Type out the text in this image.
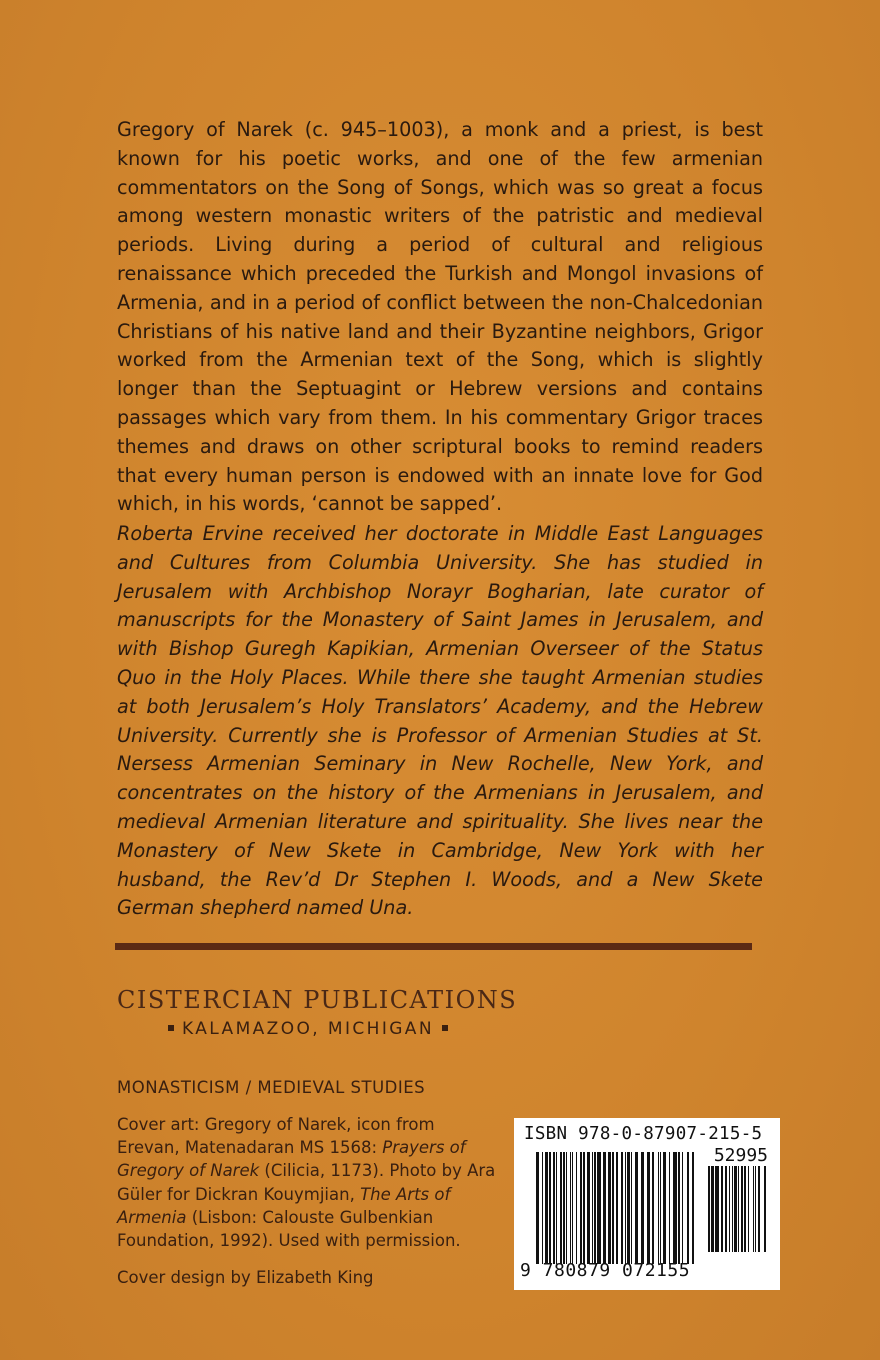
Gregory of Narek (c. 945–1003), a monk and a priest, is best known for his poetic works, and one of the few armenian commentators on the Song of Songs, which was so great a focus among western monastic writers of the patristic and medieval periods. Living during a period of cultural and religious renaissance which preceded the Turkish and Mongol invasions of Armenia, and in a period of conflict between the non-Chalcedonian Christians of his native land and their Byzantine neighbors, Grigor worked from the Armenian text of the Song, which is slightly longer than the Septuagint or Hebrew versions and contains passages which vary from them. In his commentary Grigor traces themes and draws on other scriptural books to remind readers that every human person is endowed with an innate love for God which, in his words, ‘cannot be sapped’.

Roberta Ervine received her doctorate in Middle East Languages and Cultures from Columbia University. She has studied in Jerusalem with Archbishop Norayr Bogharian, late curator of manuscripts for the Monastery of Saint James in Jerusalem, and with Bishop Guregh Kapikian, Armenian Overseer of the Status Quo in the Holy Places. While there she taught Armenian studies at both Jerusalem’s Holy Translators’ Academy, and the Hebrew University. Currently she is Professor of Armenian Studies at St. Nersess Armenian Seminary in New Rochelle, New York, and concentrates on the history of the Armenians in Jerusalem, and medieval Armenian literature and spirituality. She lives near the Monastery of New Skete in Cambridge, New York with her husband, the Rev’d Dr Stephen I. Woods, and a New Skete German shepherd named Una.

CISTERCIAN PUBLICATIONS
KALAMAZOO, MICHIGAN
MONASTICISM / MEDIEVAL STUDIES

Cover art: Gregory of Narek, icon from Erevan, Matenadaran MS 1568: Prayers of Gregory of Narek (Cilicia, 1173). Photo by Ara Güler for Dickran Kouymjian, The Arts of Armenia (Lisbon: Calouste Gulbenkian Foundation, 1992). Used with permission.

Cover design by Elizabeth King
ISBN 978-0-87907-215-5
52995
9 780879 072155
